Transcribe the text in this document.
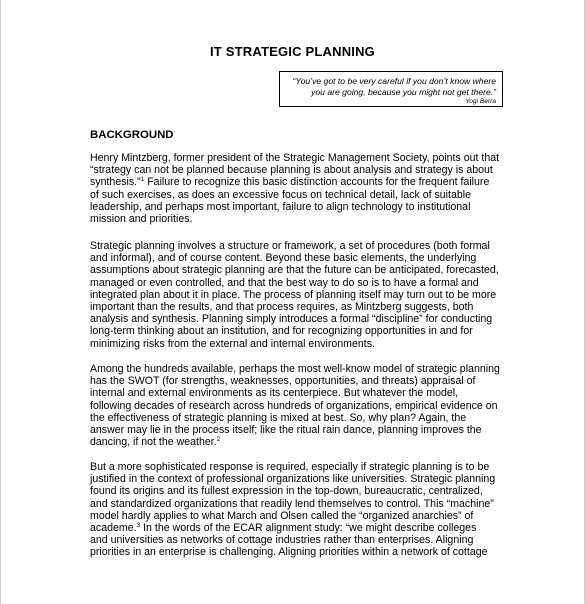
IT STRATEGIC PLANNING
“You’ve got to be very careful if you don’t know where
you are going, because you might not get there.”
Yogi Berra
BACKGROUND
Henry Mintzberg, former president of the Strategic Management Society, points out that
“strategy can not be planned because planning is about analysis and strategy is about
synthesis.”$^1$ Failure to recognize this basic distinction accounts for the frequent failure
of such exercises, as does an excessive focus on technical detail, lack of suitable
leadership, and perhaps most important, failure to align technology to institutional
mission and priorities.
Strategic planning involves a structure or framework, a set of procedures (both formal
and informal), and of course content. Beyond these basic elements, the underlying
assumptions about strategic planning are that the future can be anticipated, forecasted,
managed or even controlled, and that the best way to do so is to have a formal and
integrated plan about it in place. The process of planning itself may turn out to be more
important than the results, and that process requires, as Mintzberg suggests, both
analysis and synthesis. Planning simply introduces a formal “discipline” for conducting
long-term thinking about an institution, and for recognizing opportunities in and for
minimizing risks from the external and internal environments.
Among the hundreds available, perhaps the most well-know model of strategic planning
has the SWOT (for strengths, weaknesses, opportunities, and threats) appraisal of
internal and external environments as its centerpiece. But whatever the model,
following decades of research across hundreds of organizations, empirical evidence on
the effectiveness of strategic planning is mixed at best. So, why plan? Again, the
answer may lie in the process itself; like the ritual rain dance, planning improves the
dancing, if not the weather.$^2$
But a more sophisticated response is required, especially if strategic planning is to be
justified in the context of professional organizations like universities. Strategic planning
found its origins and its fullest expression in the top-down, bureaucratic, centralized,
and standardized organizations that readily lend themselves to control. This “machine”
model hardly applies to what March and Olsen called the “organized anarchies” of
academe.$^3$ In the words of the ECAR alignment study: “we might describe colleges
and universities as networks of cottage industries rather than enterprises. Aligning
priorities in an enterprise is challenging. Aligning priorities within a network of cottage
